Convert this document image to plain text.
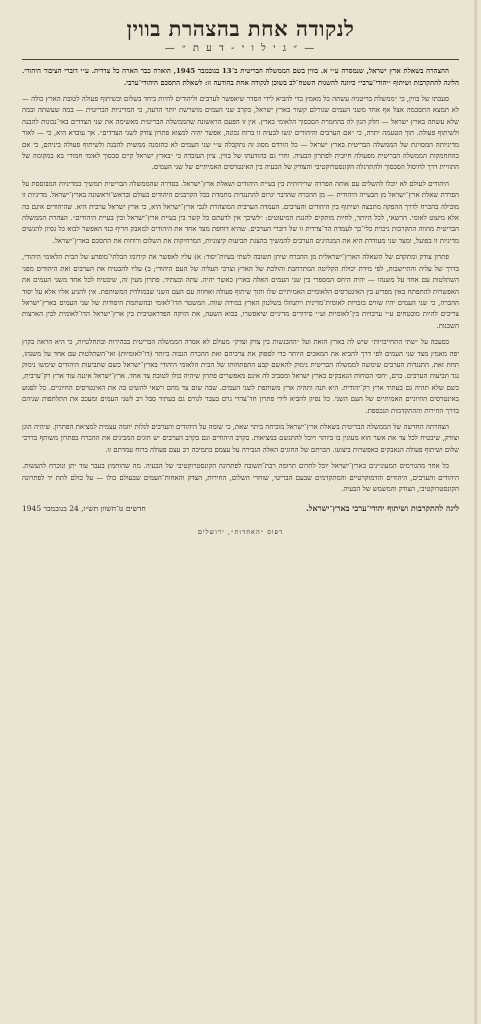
לנקודה אחת בהצהרת בווין
— ״ ג י ל ו י - ד ע ת ״ —

ההצהרה בשאלת ארץ ישראל, שנמסרה ע״י א. בווין בשם הממשלה הבריטית ב־13 בנובמבר 1945, הוארה כבר הארה כל צדדית. ע״י דוברי הציבור היהודי. הליגה להתקרבות ושיתוף ״יהודי־ערבי״ כיוונה להשנות השטח־לב בשוכן לנקודה אחת בהודעה זו: לשאלת התסכם היהודי־ערבי.

סעבתו של בווין, כי ״ממשלת בריטניה עשתה כל מאמץ כדי להביא לידי הסדר שיאפשר לערבים וליהודים לחיות ביחד בשלום ובשיתוף פעולה לטובת הארץ כולה — לא תמצא התסכמה אצל אף אחד משני העמים שגורלם קשור בארץ ישראל, בקרב שני העמים מושרשת יותר הדעה, כי המדיניות הבריטית — במה שעשתה ובמה שלא עשתה בארץ ישראל — חלק הגון לה בהחמרת הסכסוך הלאומי בארץ. אין זו הפעם הראשונה שהממשלה הבריטית מאשימה את שני הצדדים באי־נכונות להבנה ולשיתוף פעולה. תוך הטעמה יתרה, כי ״אם הערבים והיהודים יגשו לבעיה זו ברוח נכונה, אפשר יהיה למצוא פתרון צודק לשני הצדדים״. אך עובדא היא, כי — לאור מדיניותה המסויגת של הממשלה הבריטית בארץ ישראל — כל הורדם מסוג זה נתקבלה ע״י שני העמים לא כהזמנה ממשית להבנה ולשיתוף פעולה ביניהם, כי אם כהתחמקות הממשלה הבריטית מפעולה חיובית לפתרון הבעיה. וחרי גם בהודעתו של בווין. ציון העובדה כי ״בארץ ישראל קיים סכסוך לאומי חמור״ בא במקומה של התוויית דרך לחיסול הסכסוך ולהתרגלה הקונסטרוקטיבי והצודק של הבעיה בין האינטרסים האמיתיים של שני העמים.

היהודים לעולם לא יוכלו להשלים עם אותה הפרדה שרירותית בין בעיית היהודים ושאלת ארץ־ישראל. בסדרה שהממשלה הבריטית תמשיך במדיניות המבוססת על הפרדת שאלת ארץ־ישראל מן הבעייה היהודית — מן ההכרח שהדבר יגרום להתנגדות מתמדת בכל הקרבנים היהודים בעולם ובראש־וראשונה בארץ־ישראל. מדיניות זו מובילה בהכרח לדרך ההפקה מתבצה ושיתוף בין היהודים והערבים. העמדה הערבית המוצהרת לגבי ארץ־ישראל היא, כי ארץ ישראל ערבית היא. שהיהודים אינם בה אלא מיעוט לאומי. הרשאי, לכל היותר, לחיות מותקים להנגת המיעוטים: ״לשיכך אין לדעתם כל קשר בין בעיית ארץ־ישראל ובין בעיית היהודים״. הצהרת הממשלה הבריטית מהווה התקרבות ניכרת כלי־כך לעמדה הד־צדדית זו של דוברי הערבים. שהיא דוחפת מצד אחד את היהודים למאבק חריף כנד האפשר לבוא כל נסיון להגשים מדיניות זו בפועל, ומצד שני מעודדת היא את המנהיגים הערבים להמשיך בהצגת תביעות קיצוניות, המרחיקות את השלום ורוחות את התסכם בארץ־ישראל.

פתרון צודק ומתקדם של השאלה הארץ־ישראלית מן ההכרח שיתן תשובה לשתי בעיות־יסוד: א) עליו לאפשר את קידומו הבלתי־מופרע של הבית הלאומי היהודי, בדרך של עליה והתיישבות, לפי מידת יכולת הקליטה המתרחבת והולכת של הארץ וצרכי העליה של העם היהודי; ב) עליו להבטיח את הערבים ואת היהודים מפני השתלטות עם אחד על משנהו — יהיה היחס המספרי בין שני העמים האלה בארץ כאשר יהיה. עתה ובעתיד. פתרון מעין זה, שיבטיח לכל אחד משני העמים את האפשרות להתפתח באין מפריע בין האינטרסים הלאומיים האמיתיים שלו ותוך שיתוף פעולה ואחווה עם העם השני שבמולדת המשותפת. אין להגיע אליו אלא על יסוד ההכרה, כי שני העמים יהיו שווים בזכויות לאומית־מדינית ויתנהלו בשלטון הארץ במידה שווה. המשטר הדו־לאומי ובהשתמת היסודות של שני העמים בארץ־ישראל צריכים להיות מובטחים ע״י ערבויות בין־לאומיות וע״י סידורים מדיניים שיאפשרו, בבוא השעה, את הזיקה הפדראטיבית בין ארץ־ישראל הדו־לאומית לבין הארצות השכנות.

בסעבה על ״שתי התחייבויות״ שיש לה בארץ הזאת ועל ״ההבנשות בין צדק וצדק״ מעולם לא אסרה הממשלה הבריטית בבהירות ובתחלטיות, כי היא הראה בקוץ יפה מאמץ מצד שני העמים לפי דרך להביא את המאכים היותר כדי לספוק את צרכיהם ואת ההכרח הגבוה ביותר (דו־לאומיות) ואי־השתלטות עם אחד על משנהו, תחת זאת. התנגדות הערבים שימשה לממשלה הבריטית נימוק להאשם קבע התפתחותו של הבית הלאומי היהודי בארץ־ישראל כשם שתביעות היהודים שימשו נימוק נגד תביעות הערבים. ברם, יחסי הכוחות הנאבקים בארץ ישראל ומסביב לה אינם מאפשרים פתרון שיהיה כולו לטובת צד אחד. ארץ־ישראל איננה עוד ארץ רק־ערבית, כשם שלא תהיה גם בעתיד ארץ רק־יהודית. היא תנה ותהיה ארץ משותפת לשני העמים. שבה שום צד מהם רשאי להשיט בה את האינטרסים החיוניים. כל לפגוע באינטרסים החיוניים האמיתיים של העם השני. כל נסיון להביא לידי פתרון חד־צדדי גרם בעבר לגורם גם בעתיד סבל רב לשני העמים ומעכב את התלתפות שניהם בדרך החירות וההתקדמות הנכספת.

הצהרתה החדשה של הממשלה הבריטית בשאלת ארץ־ישראל מוכיחה ביתר שאת, כי שומה על היהודים והערבים לגלות יוזמה עצמית למציאת הפתרון. שיהיה הוגן וצודק, שיבטיח לכל צד את אשר הוא מעונין בו ביותר ויוכל להתגשם במציאות. בקרב היהודים וגם בקרב הערבים יש חוגים המבינים את ההכרח בפתרון משותף בדרכי שלום ושיתוף פעולה הנאבקים באפשרות ביצועו. הכרתם של החוגים האלה הגבירה על עצמם בתמיכה רב עצם פעולה ברוח עמדתם זו.

כל אחד מהגורמים המעוניינים בארץ־ישראל יוכל לתרום תרומה רבת־תשובה לפתרונה הקונסטרוקטיבי של הבעיה. מה שהוחמץ בעבר עוד יתן ונוכרח להעשות. היהודים והערבים, היהודים והדמוקרטיים והמתקדמים שבעם הבריטי, שוחרי השלום, החירות, הצדק והאחות־העמים שבעולם כולו — על כולם לתת יד לפתרונה הקונסטרוקטיבי, הצודק והמשמש של הבעיה.

ליגה להתקרבות ושיתוף יהודי־ערבי בארץ־ישראל.
חדשים ט־חשוון תש״ו, 24 בנובמבר 1945
דפוס ״האחדות״, ירושלים
